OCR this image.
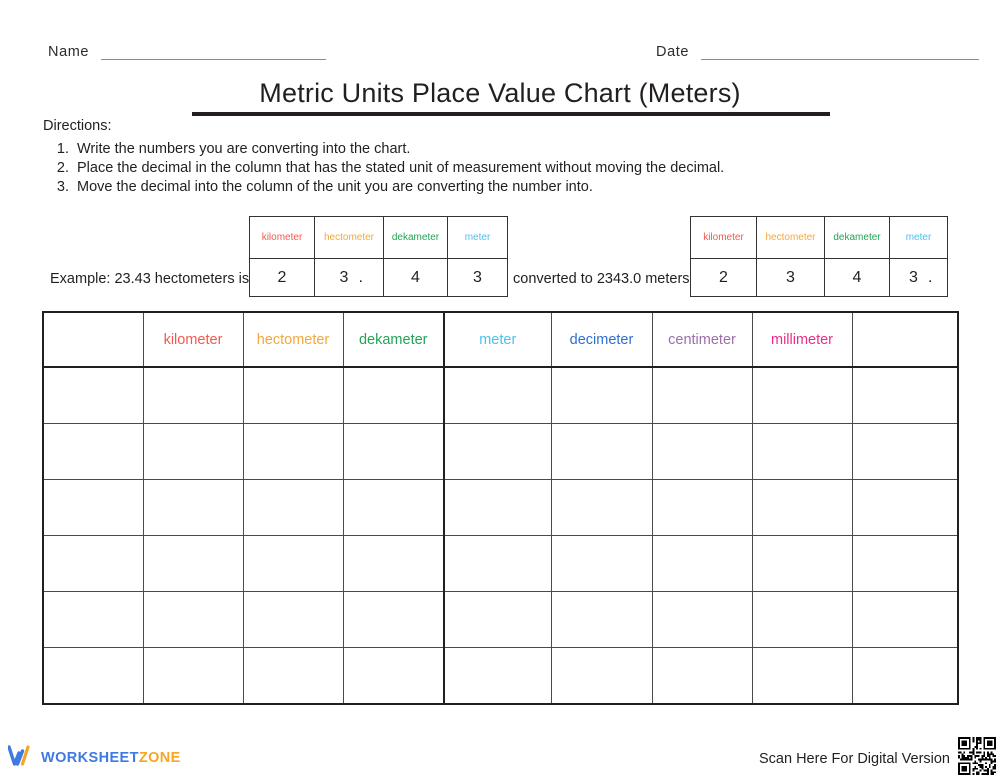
Name	Date
Metric Units Place Value Chart (Meters)
Directions:
1. Write the numbers you are converting into the chart.
2. Place the decimal in the column that has the stated unit of measurement without moving the decimal.
3. Move the decimal into the column of the unit you are converting the number into.
Example: 23.43 hectometers is	converted to 2343.0 meters
kilometer	hectometer	dekameter	meter
2	3 .	4	3
kilometer	hectometer	dekameter	meter
2	3	4	3 .
	kilometer	hectometer	dekameter	meter	decimeter	centimeter	millimeter	

WORKSHEETZONE	Scan Here For Digital Version
